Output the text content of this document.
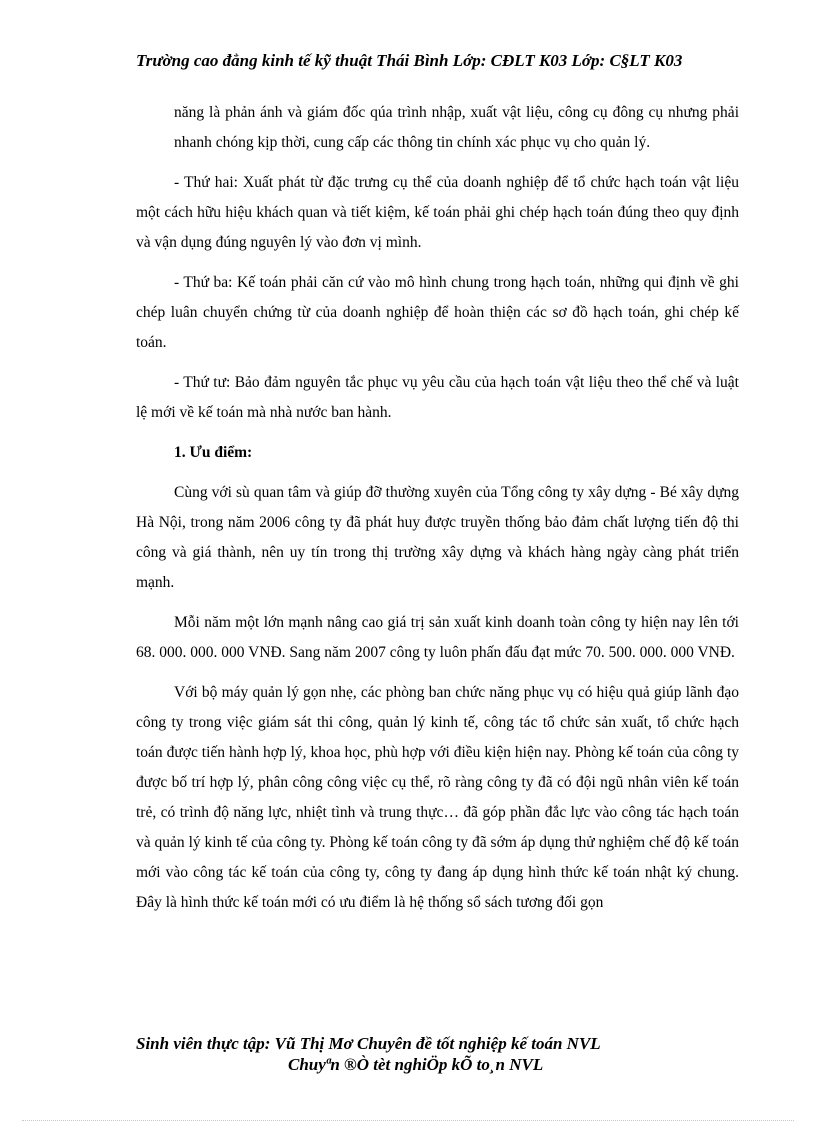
Trường cao đẳng kinh tế kỹ thuật Thái Bình Lớp: CĐLT K03 Lớp: C§LT K03

năng là phản ánh và giám đốc qúa trình nhập, xuất vật liệu, công cụ đông cụ nhưng phải nhanh chóng kịp thời, cung cấp các thông tin chính xác phục vụ cho quản lý.

- Thứ hai: Xuất phát từ đặc trưng cụ thể của doanh nghiệp để tổ chức hạch toán vật liệu một cách hữu hiệu khách quan và tiết kiệm, kế toán phải ghi chép hạch toán đúng theo quy định và vận dụng đúng nguyên lý vào đơn vị mình.

- Thứ ba: Kế toán phải căn cứ vào mô hình chung trong hạch toán, những qui định về ghi chép luân chuyển chứng từ của doanh nghiệp để hoàn thiện các sơ đồ hạch toán, ghi chép kế toán.

- Thứ tư: Bảo đảm nguyên tắc phục vụ yêu cầu của hạch toán vật liệu theo thể chế và luật lệ mới về kế toán mà nhà nước ban hành.

1. Ưu điểm:

Cùng với sù quan tâm và giúp đỡ thường xuyên của Tổng công ty xây dựng - Bé xây dựng Hà Nội, trong năm 2006 công ty đã phát huy được truyền thống bảo đảm chất lượng tiến độ thi công và giá thành, nên uy tín trong thị trường xây dựng và khách hàng ngày càng phát triển mạnh.

Mỗi năm một lớn mạnh nâng cao giá trị sản xuất kinh doanh toàn công ty hiện nay lên tới 68. 000. 000. 000 VNĐ. Sang năm 2007 công ty luôn phấn đấu đạt mức 70. 500. 000. 000 VNĐ.

Với bộ máy quản lý gọn nhẹ, các phòng ban chức năng phục vụ có hiệu quả giúp lãnh đạo công ty trong việc giám sát thi công, quản lý kinh tế, công tác tổ chức sản xuất, tổ chức hạch toán được tiến hành hợp lý, khoa học, phù hợp với điều kiện hiện nay. Phòng kế toán của công ty được bố trí hợp lý, phân công công việc cụ thể, rõ ràng công ty đã có đội ngũ nhân viên kế toán trẻ, có trình độ năng lực, nhiệt tình và trung thực… đã góp phần đắc lực vào công tác hạch toán và quản lý kinh tế của công ty. Phòng kế toán công ty đã sớm áp dụng thử nghiệm chế độ kế toán mới vào công tác kế toán của công ty, công ty đang áp dụng hình thức kế toán nhật ký chung. Đây là hình thức kế toán mới có ưu điểm là hệ thống sổ sách tương đối gọn

Sinh viên thực tập: Vũ Thị Mơ Chuyên đề tốt nghiệp kế toán NVL
Chuyªn ®Ò tèt nghiÖp kÕ to¸n NVL
